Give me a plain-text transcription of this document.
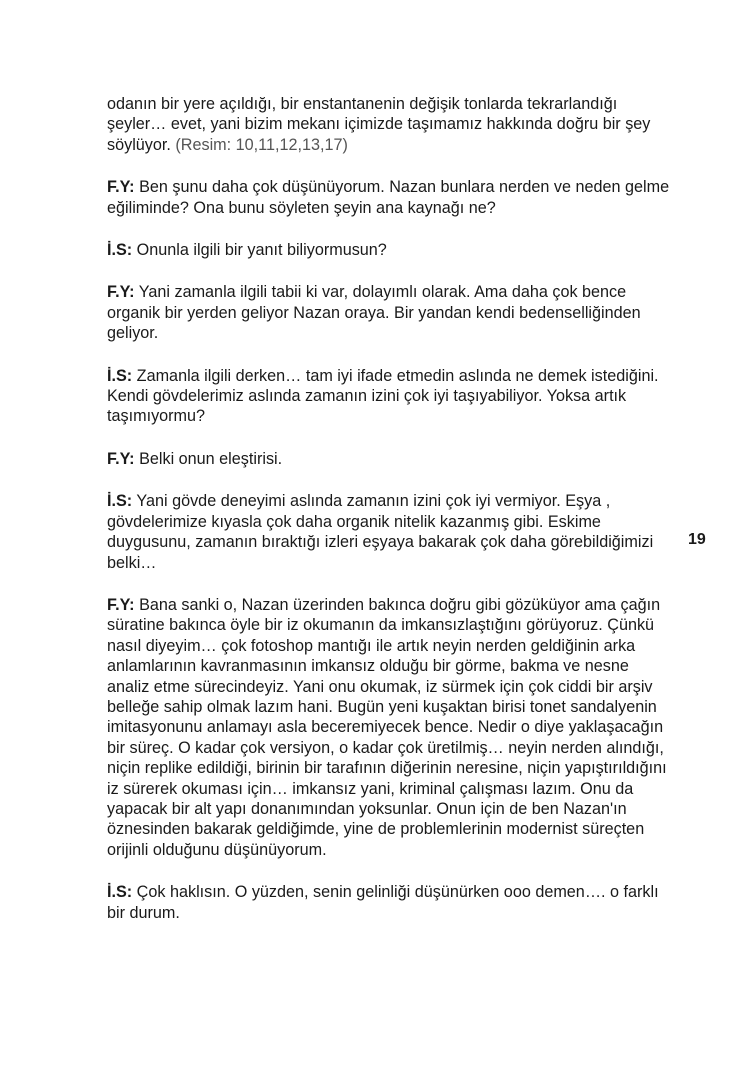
odanın bir yere açıldığı, bir enstantanenin değişik tonlarda tekrarlandığı şeyler… evet, yani bizim mekanı içimizde taşımamız hakkında doğru bir şey söylüyor. (Resim: 10,11,12,13,17)

F.Y: Ben şunu daha çok düşünüyorum. Nazan bunlara nerden ve neden gelme eğiliminde? Ona bunu söyleten şeyin ana kaynağı ne?

İ.S: Onunla ilgili bir yanıt biliyormusun?

F.Y: Yani zamanla ilgili tabii ki var, dolayımlı olarak. Ama daha çok bence organik bir yerden geliyor Nazan oraya. Bir yandan kendi bedenselliğinden geliyor.

İ.S: Zamanla ilgili derken… tam iyi ifade etmedin aslında ne demek istediğini. Kendi gövdelerimiz aslında zamanın izini çok iyi taşıyabiliyor. Yoksa artık taşımıyormu?

F.Y: Belki onun eleştirisi.

İ.S: Yani gövde deneyimi aslında zamanın izini çok iyi vermiyor. Eşya , gövdelerimize kıyasla çok daha organik nitelik kazanmış gibi. Eskime duygusunu, zamanın bıraktığı izleri eşyaya bakarak çok daha görebildiğimizi belki…

F.Y: Bana sanki o, Nazan üzerinden bakınca doğru gibi gözüküyor ama çağın süratine bakınca öyle bir iz okumanın da imkansızlaştığını görüyoruz. Çünkü nasıl diyeyim… çok fotoshop mantığı ile artık neyin nerden geldiğinin arka anlamlarının kavranmasının imkansız olduğu bir görme, bakma ve nesne analiz etme sürecindeyiz. Yani onu okumak, iz sürmek için çok ciddi bir arşiv belleğe sahip olmak lazım hani. Bugün yeni kuşaktan birisi tonet sandalyenin imitasyonunu anlamayı asla beceremiyecek bence. Nedir o diye yaklaşacağın bir süreç. O kadar çok versiyon, o kadar çok üretilmiş… neyin nerden alındığı, niçin replike edildiği, birinin bir tarafının diğerinin neresine, niçin yapıştırıldığını iz sürerek okuması için… imkansız yani, kriminal çalışması lazım. Onu da yapacak bir alt yapı donanımından yoksunlar. Onun için de ben Nazan'ın öznesinden bakarak geldiğimde, yine de problemlerinin modernist süreçten orijinli olduğunu düşünüyorum.

İ.S: Çok haklısın. O yüzden, senin gelinliği düşünürken ooo demen…. o farklı bir durum.

19
